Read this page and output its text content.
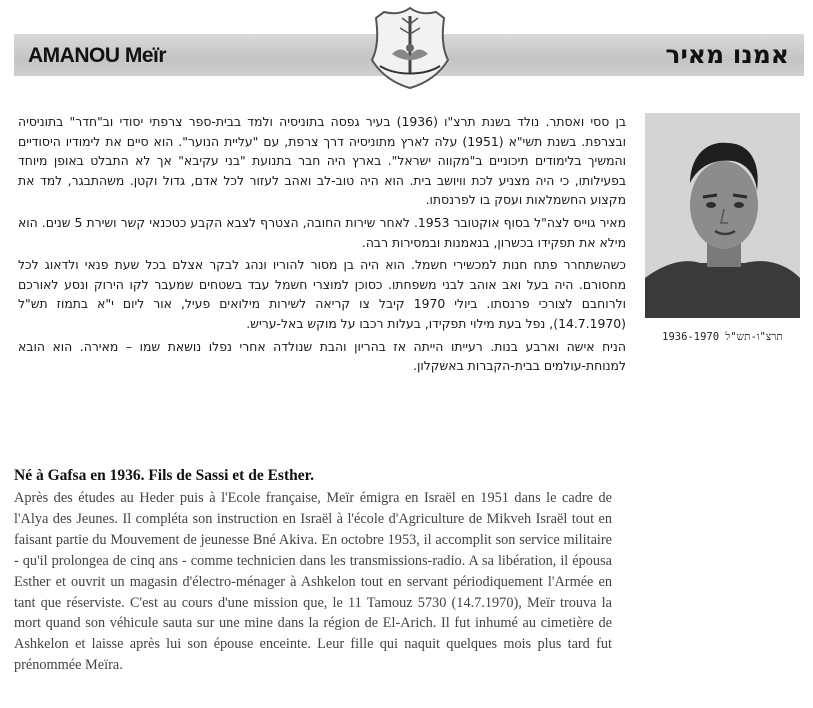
AMANOU Meïr	אמנו מאיר
תרצ"ו-תש"ל 1936-1970

בן ססי ואסתר. נולד בשנת תרצ"ו (1936) בעיר גפסה בתוניסיה ולמד בבית-ספר צרפתי יסודי וב"חדר" בתוניסיה ובצרפת. בשנת תשי"א (1951) עלה לארץ מתוניסיה דרך צרפת, עם "עליית הנוער". הוא סיים את לימודיו היסודיים והמשיך בלימודים תיכוניים ב"מקווה ישראל". בארץ היה חבר בתנועת "בני עקיבא" אך לא התבלט באופן מיוחד בפעילותו, כי היה מצניע לכת וויושב בית. הוא היה טוב-לב ואהב לעזור לכל אדם, גדול וקטן. משהתבגר, למד את מקצוע החשמלאות ועסק בו לפרנסתו.

מאיר גוייס לצה"ל בסוף אוקטובר 1953. לאחר שירות החובה, הצטרף לצבא הקבע כטכנאי קשר ושירת 5 שנים. הוא מילא את תפקידו בכשרון, בנאמנות ובמסירות רבה.

כשהשתחרר פתח חנות למכשירי חשמל. הוא היה בן מסור להוריו ונהג לבקר אצלם בכל שעת פנאי ולדאוג לכל מחסורם. היה בעל ואב אוהב לבני משפחתו. כסוכן למוצרי חשמל עבד בשטחים שמעבר לקו הירוק ונסע לאורכם ולרוחבם לצורכי פרנסתו. ביולי 1970 קיבל צו קריאה לשירות מילואים פעיל, אור ליום י"א בתמוז תש"ל (14.7.1970), נפל בעת מילוי תפקידו, בעלות רכבו על מוקש באל-עריש.

הניח אישה וארבע בנות. רעייתו הייתה אז בהריון והבת שנולדה אחרי נפלו נושאת שמו – מאירה. הוא הובא למנוחת-עולמים בבית-הקברות באשקלון.

Né à Gafsa en 1936. Fils de Sassi et de Esther.
Après des études au Heder puis à l'Ecole française, Meïr émigra en Israël en 1951 dans le cadre de l'Alya des Jeunes. Il compléta son instruction en Israël à l'école d'Agriculture de Mikveh Israël tout en faisant partie du Mouvement de jeunesse Bné Akiva. En octobre 1953, il accomplit son service militaire - qu'il prolongea de cinq ans - comme technicien dans les transmissions-radio. A sa libération, il épousa Esther et ouvrit un magasin d'électro-ménager à Ashkelon tout en servant périodiquement l'Armée en tant que réserviste. C'est au cours d'une mission que, le 11 Tamouz 5730 (14.7.1970), Meïr trouva la mort quand son véhicule sauta sur une mine dans la région de El-Arich. Il fut inhumé au cimetière de Ashkelon et laisse après lui son épouse enceinte. Leur fille qui naquit quelques mois plus tard fut prénommée Meïra.
